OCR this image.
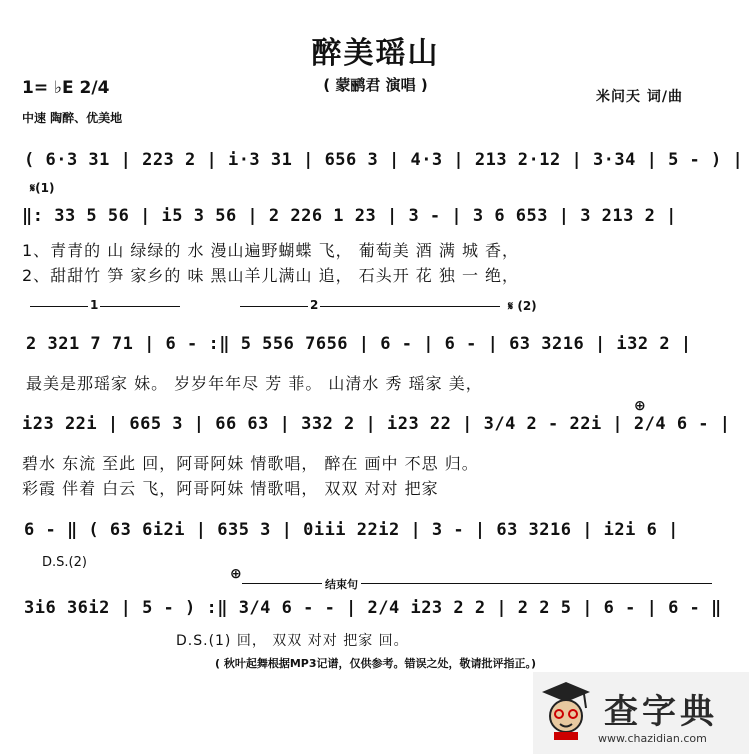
醉美瑶山
( 蒙鹂君 演唱 )
1= ♭E 2/4
中速 陶醉、优美地
米问天 词/曲
( 6·3 31 | 223 2 | i·3 31 | 656 3 | 4·3 | 213 2·12 | 3·34 | 5 - ) |
𝄋(1)
‖: 33 5 56 | i5 3 56 | 2 226 1 23 | 3 - | 3 6 653 | 3 213 2 |
1、青青的 山 绿绿的 水 漫山遍野蝴蝶 飞， 葡萄美 酒 满 城 香，
2、甜甜竹 笋 家乡的 味 黑山羊儿满山 追， 石头开 花 独 一 绝，
1	2	𝄋 (2)
2 321 7 71 | 6 - :‖ 5 556 7656 | 6 - | 6 - | 63 3216 | i32 2 |
最美是那瑶家 妹。 岁岁年年尽 芳 菲。 山清水 秀 瑶家 美，
i23 22i | 665 3 | 66 63 | 332 2 | i23 22 | 3/4 2 - 22i | 2/4 6 - |
⊕
碧水 东流 至此 回，阿哥阿妹 情歌唱， 醉在 画中 不思 归。
彩霞 伴着 白云 飞，阿哥阿妹 情歌唱， 双双 对对 把家
6 - ‖ ( 63 6i2i | 635 3 | 0iii 22i2 | 3 - | 63 3216 | i2i 6 |
D.S.(2)
⊕
结束句
3i6 36i2 | 5 - ) :‖ 3/4 6 - - | 2/4 i23 2 2 | 2 2 5 | 6 - | 6 - ‖
D.S.(1) 回， 双双 对对 把家 回。
( 秋叶起舞根据MP3记谱，仅供参考。错误之处，敬请批评指正。)
查字典
www.chazidian.com
